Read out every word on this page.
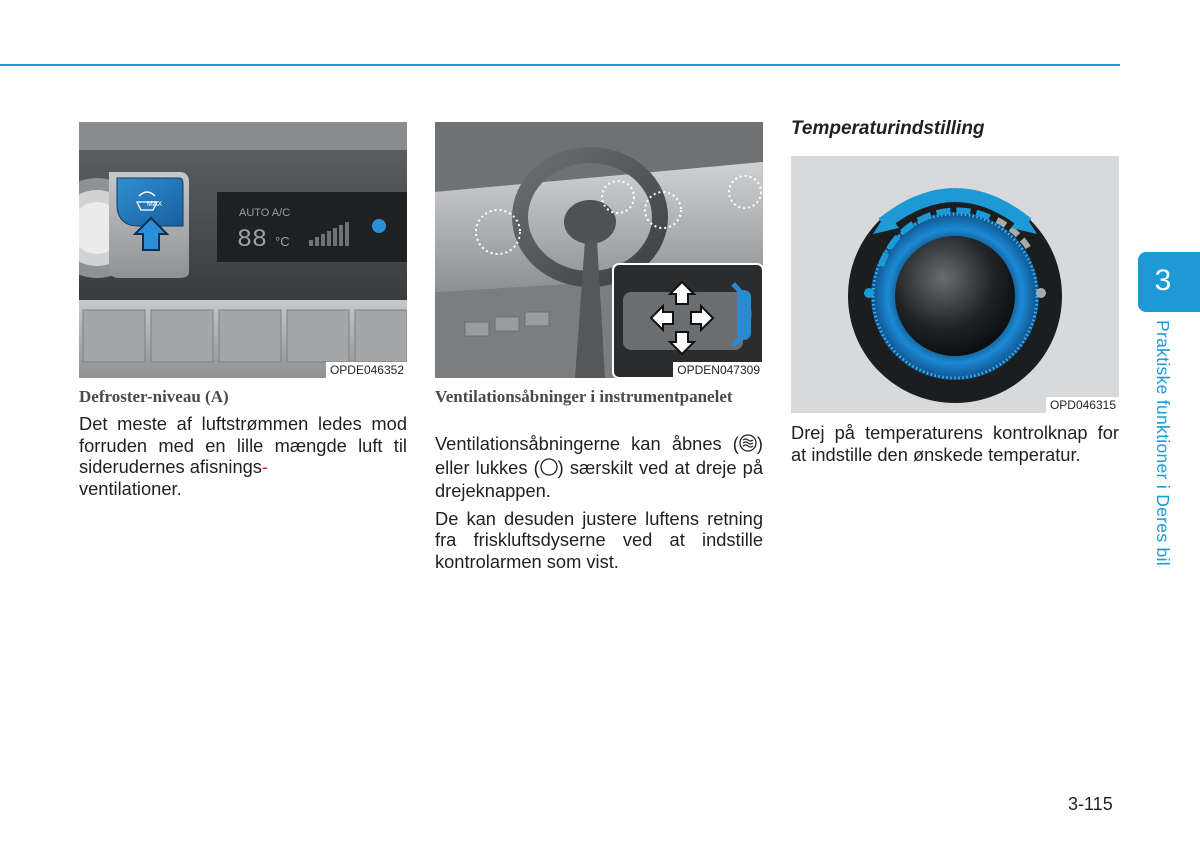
MAX
AUTO A/C
88 °C
OPDE046352
Defroster-niveau (A)

Det meste af luftstrømmen ledes mod forruden med en lille mængde luft til siderudernes afisnings-
ventilationer.

OPDEN047309
Ventilationsåbninger i instrumentpanelet

Ventilationsåbningerne kan åbnes ( ) eller lukkes ( ) særskilt ved at dreje på drejeknappen.

De kan desuden justere luftens retning fra friskluftsdyserne ved at indstille kontrolarmen som vist.

Temperaturindstilling
OPD046315

Drej på temperaturens kontrolknap for at indstille den ønskede temperatur.

3
Praktiske funktioner i Deres bil
3-115
